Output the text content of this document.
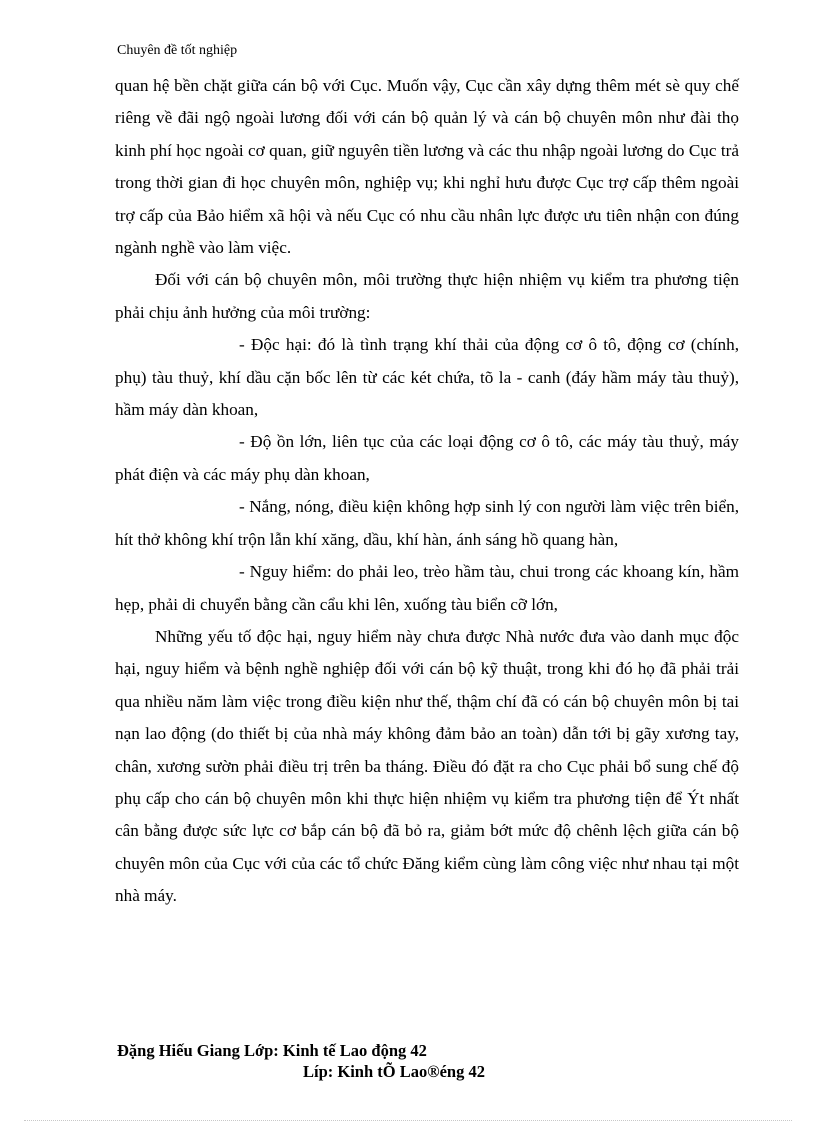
Chuyên đề tốt nghiệp

quan hệ bền chặt giữa cán bộ với Cục. Muốn vậy, Cục cần xây dựng thêm mét sè quy chế riêng về đãi ngộ ngoài lương đối với cán bộ quản lý và cán bộ chuyên môn như đài thọ kinh phí học ngoài cơ quan, giữ nguyên tiền lương và các thu nhập ngoài lương do Cục trả trong thời gian đi học chuyên môn, nghiệp vụ; khi nghỉ hưu được Cục trợ cấp thêm ngoài trợ cấp của Bảo hiểm xã hội và nếu Cục có nhu cầu nhân lực được ưu tiên nhận con đúng ngành nghề vào làm việc.

Đối với cán bộ chuyên môn, môi trường thực hiện nhiệm vụ kiểm tra phương tiện phải chịu ảnh hưởng của môi trường:

- Độc hại: đó là tình trạng khí thải của động cơ ô tô, động cơ (chính, phụ) tàu thuỷ, khí dầu cặn bốc lên từ các két chứa, tõ la - canh (đáy hầm máy tàu thuỷ), hầm máy dàn khoan,

- Độ ồn lớn, liên tục của các loại động cơ ô tô, các máy tàu thuỷ, máy phát điện và các máy phụ dàn khoan,

- Nắng, nóng, điều kiện không hợp sinh lý con người làm việc trên biển, hít thở không khí trộn lẫn khí xăng, dầu, khí hàn, ánh sáng hồ quang hàn,

- Nguy hiểm: do phải leo, trèo hầm tàu, chui trong các khoang kín, hầm hẹp, phải di chuyển bằng cần cẩu khi lên, xuống tàu biển cỡ lớn,

Những yếu tố độc hại, nguy hiểm này chưa được Nhà nước đưa vào danh mục độc hại, nguy hiểm và bệnh nghề nghiệp đối với cán bộ kỹ thuật, trong khi đó họ đã phải trải qua nhiều năm làm việc trong điều kiện như thế, thậm chí đã có cán bộ chuyên môn bị tai nạn lao động (do thiết bị của nhà máy không đảm bảo an toàn) dẫn tới bị gãy xương tay, chân, xương sườn phải điều trị trên ba tháng. Điều đó đặt ra cho Cục phải bổ sung chế độ phụ cấp cho cán bộ chuyên môn khi thực hiện nhiệm vụ kiểm tra phương tiện để Ýt nhất cân bằng được sức lực cơ bắp cán bộ đã bỏ ra, giảm bớt mức độ chênh lệch giữa cán bộ chuyên môn của Cục với của các tổ chức Đăng kiểm cùng làm công việc như nhau tại một nhà máy.

Đặng Hiếu Giang Lớp: Kinh tế Lao động 42
Líp: Kinh tÕ Lao®éng 42
